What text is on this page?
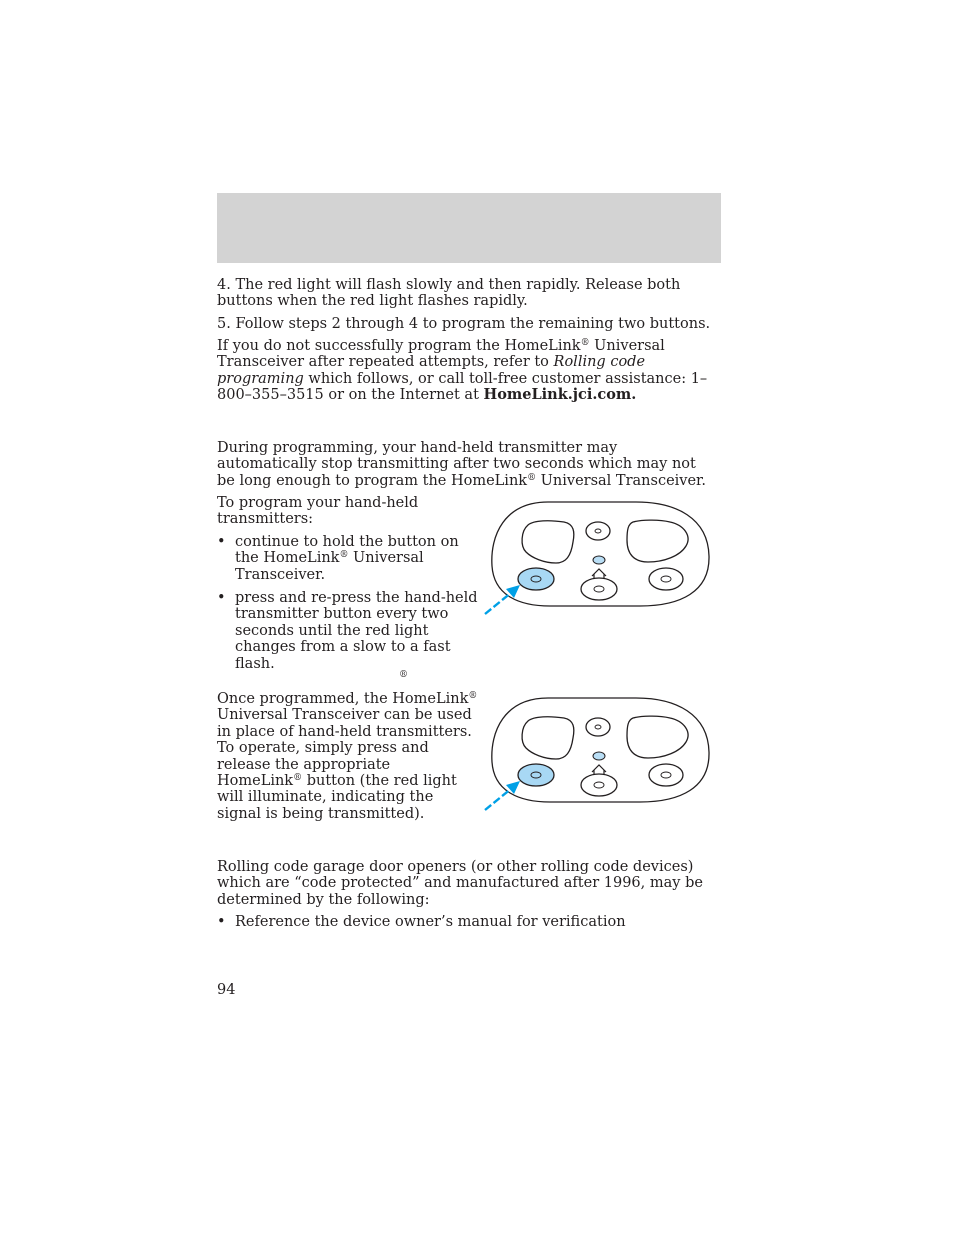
4. The red light will flash slowly and then rapidly. Release both buttons when the red light flashes rapidly.

5. Follow steps 2 through 4 to program the remaining two buttons.

If you do not successfully program the HomeLink® Universal Transceiver after repeated attempts, refer to Rolling code programing which follows, or call toll-free customer assistance: 1–800–355–3515 or on the Internet at HomeLink.jci.com.

During programming, your hand-held transmitter may automatically stop transmitting after two seconds which may not be long enough to program the HomeLink® Universal Transceiver.

To program your hand-held transmitters:

• continue to hold the button on the HomeLink® Universal Transceiver.
• press and re-press the hand-held transmitter button every two seconds until the red light changes from a slow to a fast flash.
®

Once programmed, the HomeLink® Universal Transceiver can be used in place of hand-held transmitters. To operate, simply press and release the appropriate HomeLink® button (the red light will illuminate, indicating the signal is being transmitted).

Rolling code garage door openers (or other rolling code devices) which are “code protected” and manufactured after 1996, may be determined by the following:

• Reference the device owner’s manual for verification
94
